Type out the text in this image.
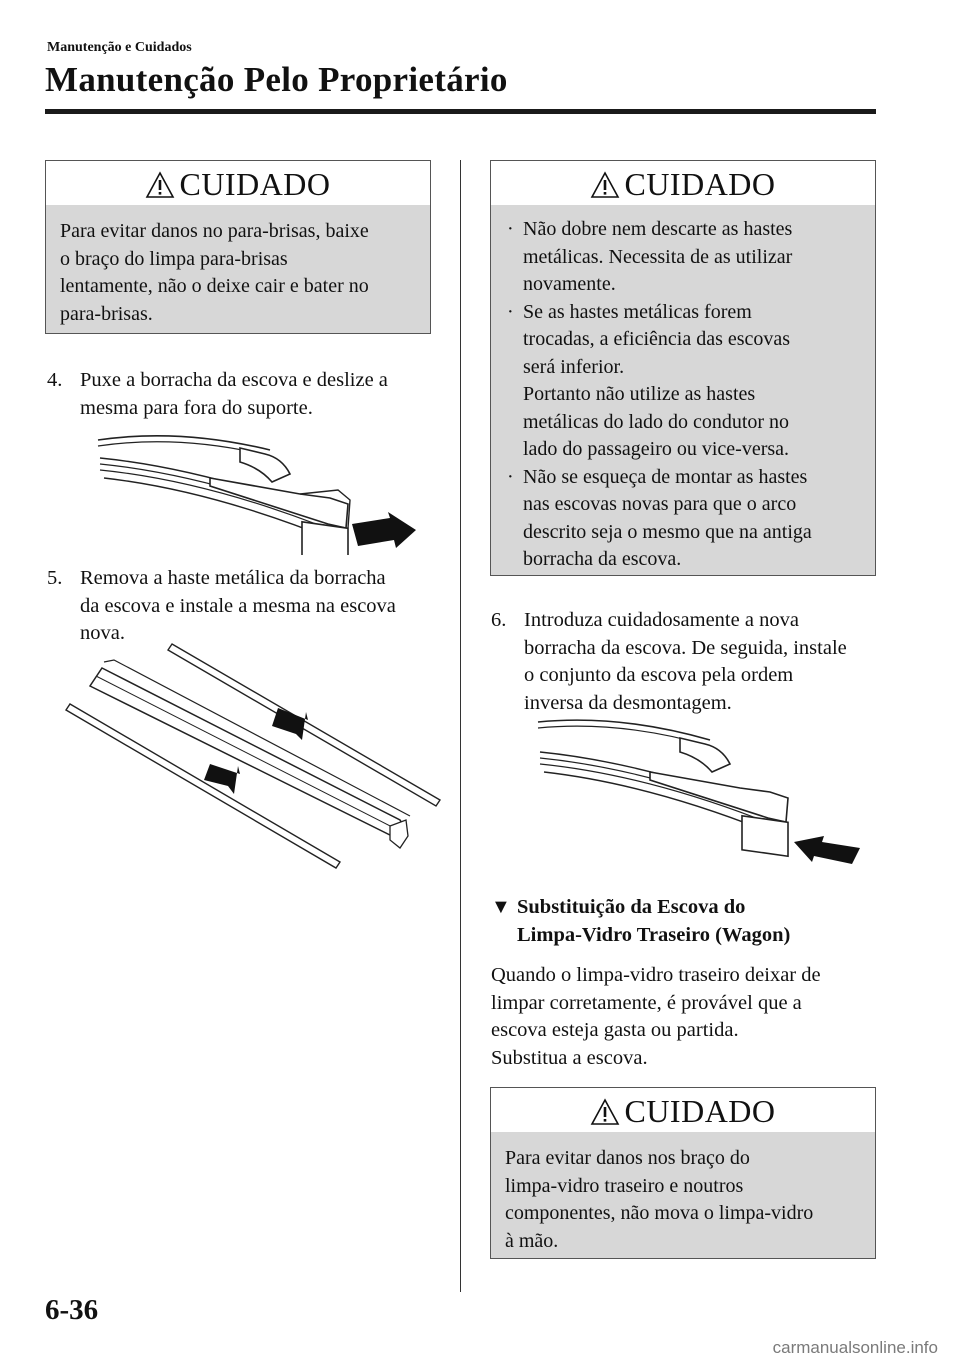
Manutenção e Cuidados
Manutenção Pelo Proprietário
CUIDADO
Para evitar danos no para-brisas, baixe
o braço do limpa para-brisas
lentamente, não o deixe cair e bater no
para-brisas.
4. Puxe a borracha da escova e deslize a
mesma para fora do suporte.
5. Remova a haste metálica da borracha
da escova e instale a mesma na escova
nova.
CUIDADO
· Não dobre nem descarte as hastes
metálicas. Necessita de as utilizar
novamente.
· Se as hastes metálicas forem
trocadas, a eficiência das escovas
será inferior.
Portanto não utilize as hastes
metálicas do lado do condutor no
lado do passageiro ou vice-versa.
· Não se esqueça de montar as hastes
nas escovas novas para que o arco
descrito seja o mesmo que na antiga
borracha da escova.
6. Introduza cuidadosamente a nova
borracha da escova. De seguida, instale
o conjunto da escova pela ordem
inversa da desmontagem.
▼ Substituição da Escova do
Limpa-Vidro Traseiro (Wagon)
Quando o limpa-vidro traseiro deixar de
limpar corretamente, é provável que a
escova esteja gasta ou partida.
Substitua a escova.
CUIDADO
Para evitar danos nos braço do
limpa-vidro traseiro e noutros
componentes, não mova o limpa-vidro
à mão.
6-36
carmanualsonline.info
